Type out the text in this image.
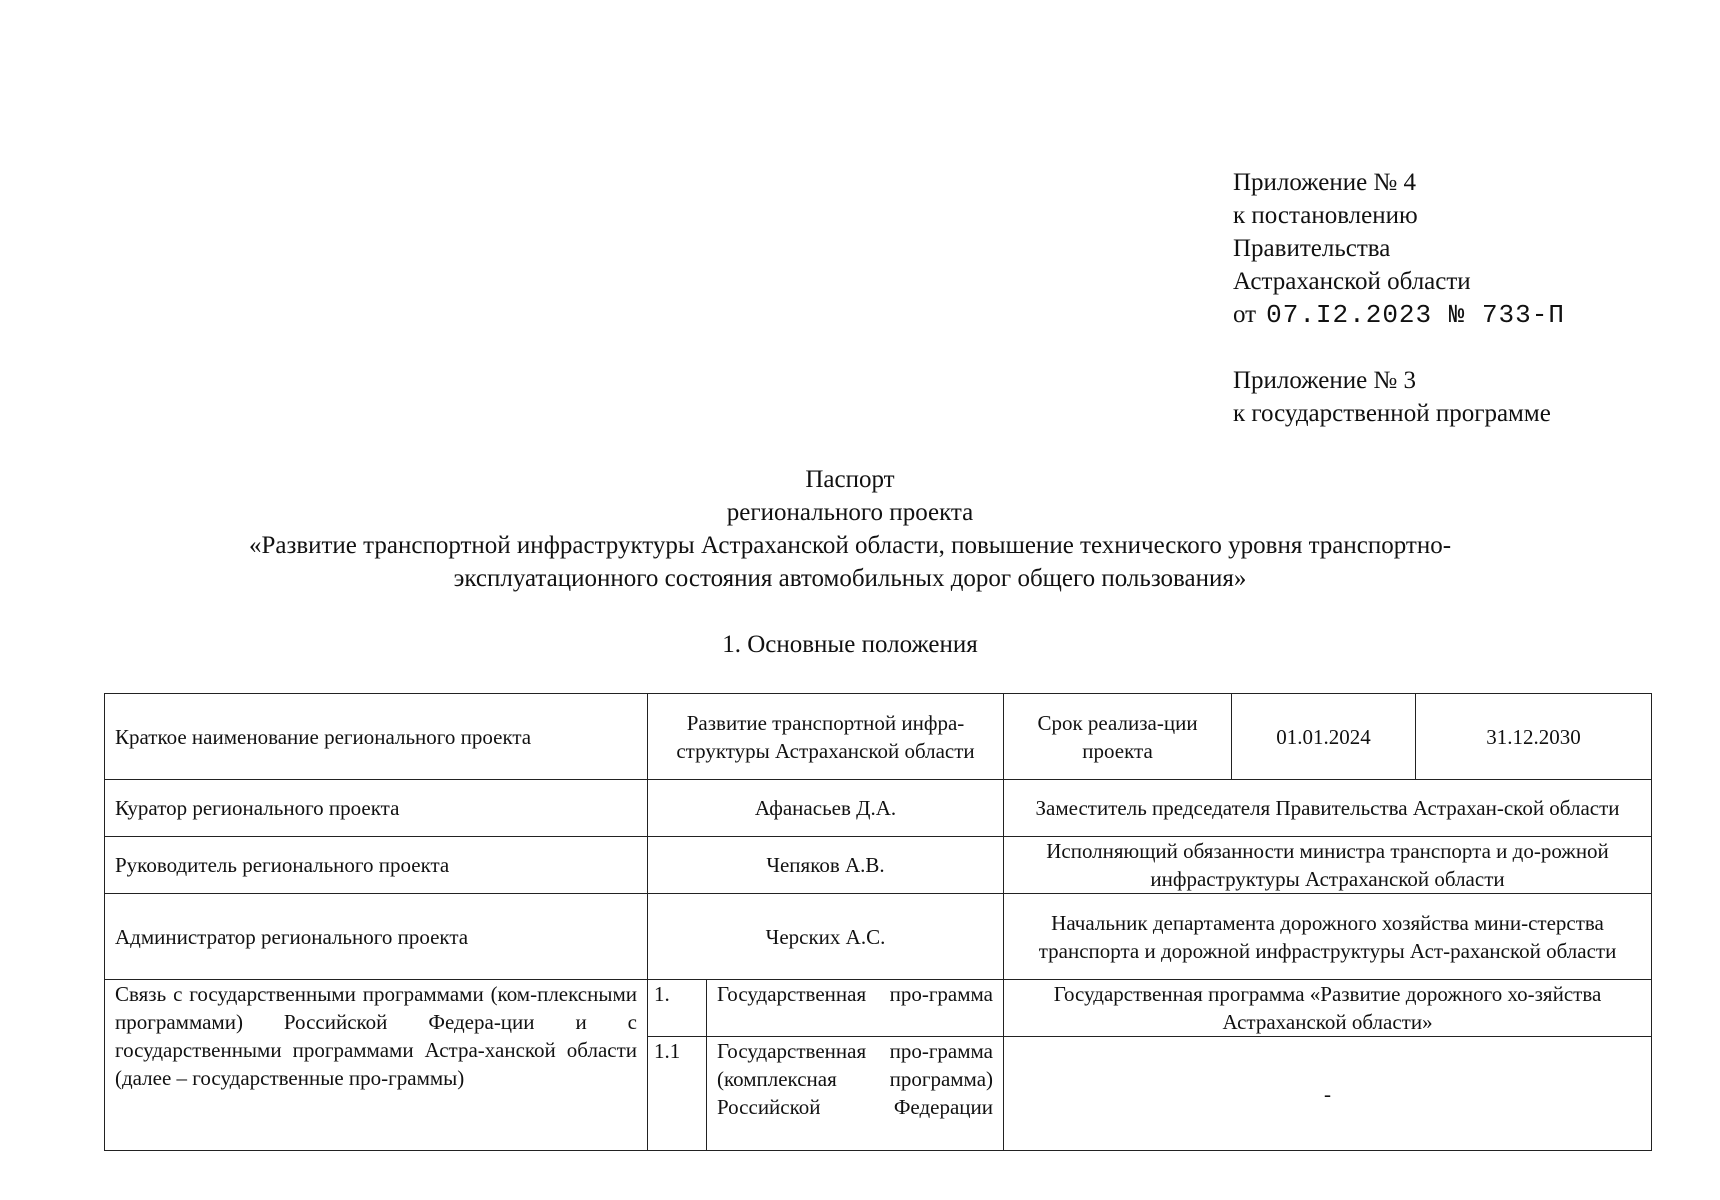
Приложение № 4
к постановлению
Правительства
Астраханской области
от 07.I2.2023 № 733-П
Приложение № 3
к государственной программе
Паспорт
регионального проекта
«Развитие транспортной инфраструктуры Астраханской области, повышение технического уровня транспортно-
эксплуатационного состояния автомобильных дорог общего пользования»
1. Основные положения
Краткое наименование регионального проекта	Развитие транспортной инфра-структуры Астраханской области		Срок реализа-ции проекта	01.01.2024	31.12.2030
Куратор регионального проекта	Афанасьев Д.А.		Заместитель председателя Правительства Астрахан-ской области		
Руководитель регионального проекта	Чепяков А.В.		Исполняющий обязанности министра транспорта и до-рожной инфраструктуры Астраханской области		
Администратор регионального проекта	Черских А.С.		Начальник департамента дорожного хозяйства мини-стерства транспорта и дорожной инфраструктуры Аст-раханской области		
Связь с государственными программами (ком-плексными программами) Российской Федера-ции и с государственными программами Астра-ханской области (далее – государственные про-граммы)	1.	Государственная про-грамма	Государственная программа «Развитие дорожного хо-зяйства Астраханской области»		
	1.1	Государственная про-грамма (комплексная программа) Российской Федерации	-		
